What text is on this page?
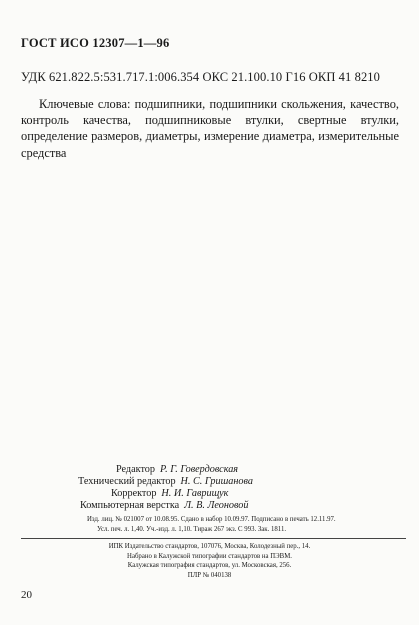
ГОСТ ИСО 12307—1—96
УДК 621.822.5:531.717.1:006.354 ОКС 21.100.10 Г16 ОКП 41 8210
Ключевые слова: подшипники, подшипники скольжения, качество, контроль качества, подшипниковые втулки, свертные втулки, определение размеров, диаметры, измерение диаметра, измерительные средства
Редактор Р. Г. Говердовская
Технический редактор Н. С. Гришанова
Корректор Н. И. Гаврищук
Компьютерная верстка Л. В. Леоновой
Изд. лиц. № 021007 от 10.08.95. Сдано в набор 10.09.97. Подписано в печать 12.11.97.
Усл. печ. л. 1,40. Уч.-изд. л. 1,10. Тираж 267 экз. С 993. Зак. 1811.
ИПК Издательство стандартов, 107076, Москва, Колодезный пер., 14.
Набрано в Калужской типографии стандартов на ПЭВМ.
Калужская типография стандартов, ул. Московская, 256.
ПЛР № 040138
20
